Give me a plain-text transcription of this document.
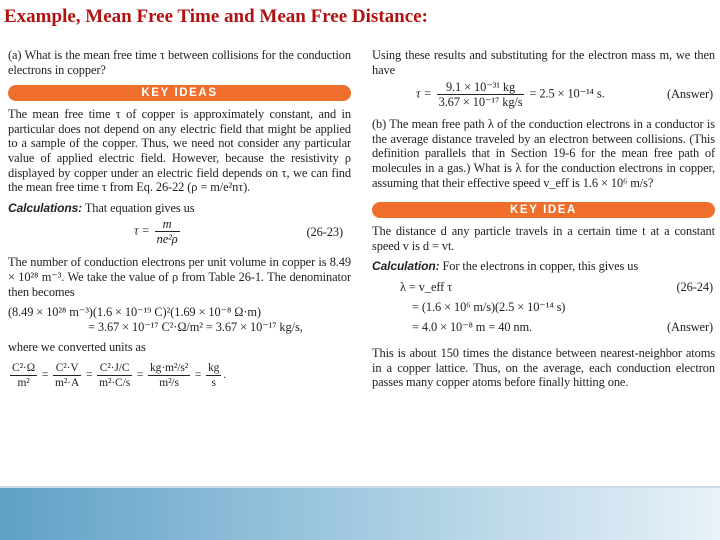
Example, Mean Free Time and Mean Free Distance:

(a) What is the mean free time τ between collisions for the conduction electrons in copper?

KEY IDEAS

The mean free time τ of copper is approximately constant, and in particular does not depend on any electric field that might be applied to a sample of the copper. Thus, we need not consider any particular value of applied electric field. However, because the resistivity ρ displayed by copper under an electric field depends on τ, we can find the mean free time τ from Eq. 26-22 (ρ = m/e²nτ).

Calculations: That equation gives us

$\tau = \frac{m}{\text{ne²ρ}}$	(26-23)

The number of conduction electrons per unit volume in copper is 8.49 × 10²⁸ m⁻³. We take the value of ρ from Table 26-1. The denominator then becomes

(8.49 × 10²⁸ m⁻³)(1.6 × 10⁻¹⁹ C)²(1.69 × 10⁻⁸ Ω·m)
= 3.67 × 10⁻¹⁷ C²·Ω/m² = 3.67 × 10⁻¹⁷ kg/s,

where we converted units as

$\frac{\text{C²·Ω}}{\text{m²}} = \frac{\text{C²·V}}{\text{m²·A}} = \frac{\text{C²·J/C}}{\text{m²·C/s}} = \frac{\text{kg·m²/s²}}{\text{m²/s}} = \frac{kg}{s}$ .

Using these results and substituting for the electron mass m, we then have

$\tau = \frac{\text{9.1 × 10⁻³¹ kg}}{\text{3.67 × 10⁻¹⁷ kg/s}} = 2.5 \times 10^{-14}$ s.	(Answer)

(b) The mean free path λ of the conduction electrons in a conductor is the average distance traveled by an electron between collisions. (This definition parallels that in Section 19-6 for the mean free path of molecules in a gas.) What is λ for the conduction electrons in copper, assuming that their effective speed v_eff is 1.6 × 10⁶ m/s?

KEY IDEA

The distance d any particle travels in a certain time t at a constant speed v is d = vt.

Calculation: For the electrons in copper, this gives us

λ = v_eff τ	(26-24)
= (1.6 × 10⁶ m/s)(2.5 × 10⁻¹⁴ s)
= 4.0 × 10⁻⁸ m = 40 nm.	(Answer)

This is about 150 times the distance between nearest-neighbor atoms in a copper lattice. Thus, on the average, each conduction electron passes many copper atoms before finally hitting one.
